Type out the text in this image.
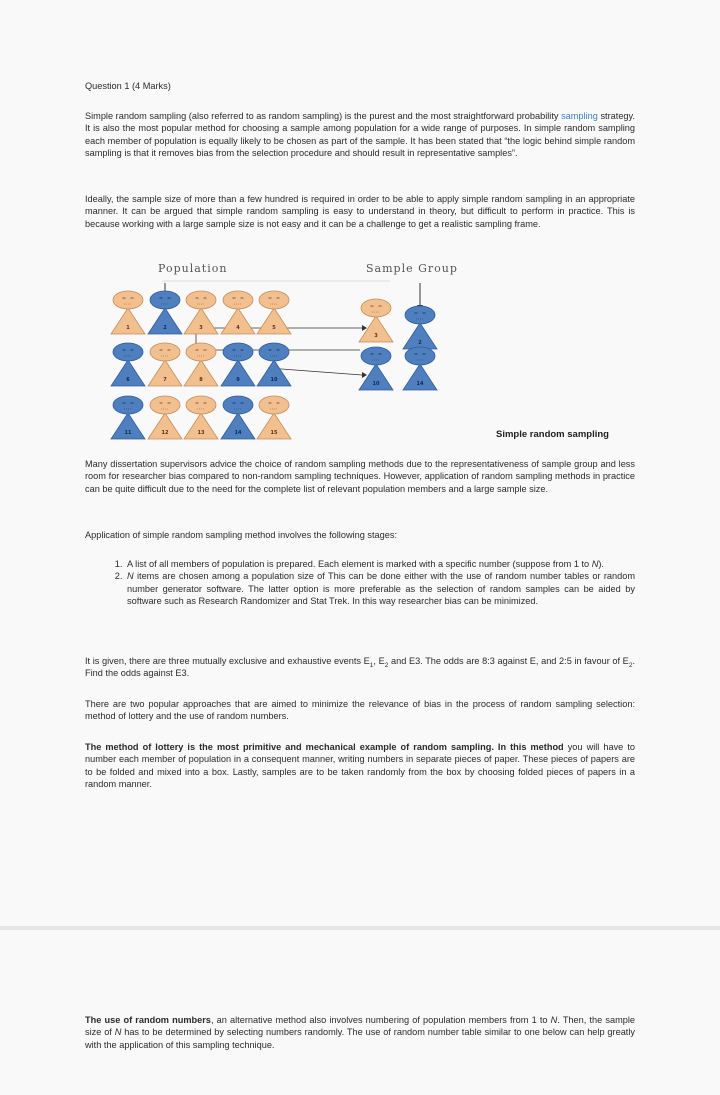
Question 1 (4 Marks)

Simple random sampling (also referred to as random sampling) is the purest and the most straightforward probability sampling strategy. It is also the most popular method for choosing a sample among population for a wide range of purposes. In simple random sampling each member of population is equally likely to be chosen as part of the sample. It has been stated that “the logic behind simple random sampling is that it removes bias from the selection procedure and should result in representative samples”.

Ideally, the sample size of more than a few hundred is required in order to be able to apply simple random sampling in an appropriate manner. It can be argued that simple random sampling is easy to understand in theory, but difficult to perform in practice. This is because working with a large sample size is not easy and it can be a challenge to get a realistic sampling frame.

1	2	3	4	5
6	7	8	9	10
11	12	13	14	15
3
2
10	14
Population	Sample Group
Simple random sampling

Many dissertation supervisors advice the choice of random sampling methods due to the representativeness of sample group and less room for researcher bias compared to non-random sampling techniques. However, application of random sampling methods in practice can be quite difficult due to the need for the complete list of relevant population members and a large sample size.

Application of simple random sampling method involves the following stages:

1. A list of all members of population is prepared. Each element is marked with a specific number (suppose from 1 to N).
2. N items are chosen among a population size of This can be done either with the use of random number tables or random number generator software. The latter option is more preferable as the selection of random samples can be aided by software such as Research Randomizer and Stat Trek. In this way researcher bias can be minimized.

It is given, there are three mutually exclusive and exhaustive events $E_1$, $E_2$ and E3. The odds are 8:3 against E, and 2:5 in favour of $E_2$. Find the odds against E3.

There are two popular approaches that are aimed to minimize the relevance of bias in the process of random sampling selection: method of lottery and the use of random numbers.

The method of lottery is the most primitive and mechanical example of random sampling. In this method you will have to number each member of population in a consequent manner, writing numbers in separate pieces of paper. These pieces of papers are to be folded and mixed into a box. Lastly, samples are to be taken randomly from the box by choosing folded pieces of papers in a random manner.

The use of random numbers, an alternative method also involves numbering of population members from 1 to N. Then, the sample size of N has to be determined by selecting numbers randomly. The use of random number table similar to one below can help greatly with the application of this sampling technique.
